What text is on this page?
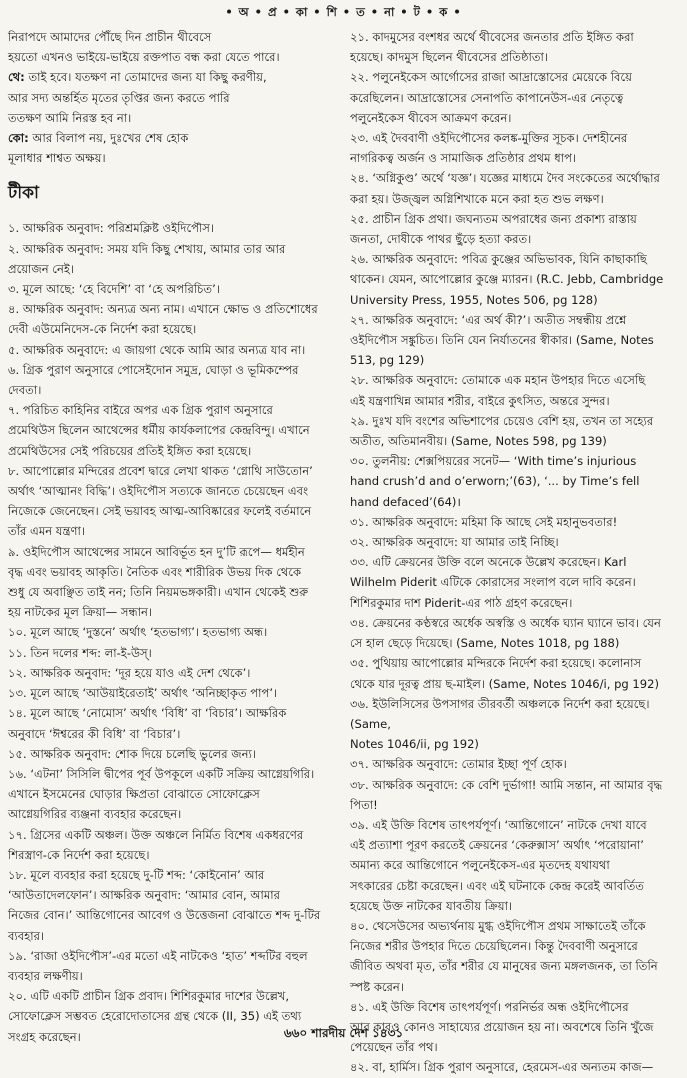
• অ • প্র • কা • শি • ত • না • ট • ক •

নিরাপদে আমাদের পৌঁছে দিন প্রাচীন থীবেসে

হয়তো এখনও ভাইয়ে-ভাইয়ে রক্তপাত বন্ধ করা যেতে পারে।

থে: তাই হবে। যতক্ষণ না তোমাদের জন্য যা কিছু করণীয়,

আর সদ্য অন্তর্হিত মৃতের তৃপ্তির জন্য করতে পারি

ততক্ষণ আমি নিরস্ত হব না।

কো: আর বিলাপ নয়, দুঃখের শেষ হোক

মূলাধার শাশ্বত অক্ষয়।

টীকা

১. আক্ষরিক অনুবাদ: পরিশ্রমক্লিষ্ট ওইদিপৌস।

২. আক্ষরিক অনুবাদ: সময় যদি কিছু শেখায়, আমার তার আর
প্রয়োজন নেই।

৩. মূলে আছে: ‘হে বিদেশি’ বা ‘হে অপরিচিত’।

৪. আক্ষরিক অনুবাদ: অন্যত্র অন্য নাম। এখানে ক্ষোভ ও প্রতিশোধের
দেবী এউমেনিদেস-কে নির্দেশ করা হয়েছে।

৫. আক্ষরিক অনুবাদে: এ জায়গা থেকে আমি আর অন্যত্র যাব না।

৬. গ্রিক পুরাণ অনুসারে পোসেইদোন সমুদ্র, ঘোড়া ও ভূমিকম্পের
দেবতা।

৭. পরিচিত কাহিনির বাইরে অপর এক গ্রিক পুরাণ অনুসারে
প্রমেথিউস ছিলেন আথেন্সের ধর্মীয় কার্যকলাপের কেন্দ্রবিন্দু। এখানে
প্রমেথিউসের সেই পরিচয়ের প্রতিই ইঙ্গিত করা হয়েছে।

৮. আপোল্লোর মন্দিরের প্রবেশ দ্বারে লেখা থাকত ‘গ্নোথি সাউতোন’
অর্থাৎ ‘আত্মানং বিদ্ধি’। ওইদিপৌস সত্যকে জানতে চেয়েছেন এবং
নিজেকে জেনেছেন। সেই ভয়াবহ আত্ম-আবিষ্কারের ফলেই বর্তমানে
তাঁর এমন যন্ত্রণা।

৯. ওইদিপৌস আথেন্সের সামনে আবির্ভূত হন দু’টি রূপে— ধর্মহীন
বৃদ্ধ এবং ভয়াবহ আকৃতি। নৈতিক এবং শারীরিক উভয় দিক থেকে
শুধু যে অবাঞ্ছিত তাই নন; তিনি নিয়মভঙ্গকারী। এখান থেকেই শুরু
হয় নাটকের মূল ক্রিয়া— সন্ধান।

১০. মূলে আছে ‘দুস্তনে’ অর্থাৎ ‘হতভাগ্য’। হতভাগ্য অন্ধ।

১১. তিন দলের শব্দ: লা-ই-উস্।

১২. আক্ষরিক অনুবাদ: ‘দূর হয়ে যাও এই দেশ থেকে’।

১৩. মূলে আছে ‘আউয়াইরেতাই’ অর্থাৎ ‘অনিচ্ছাকৃত পাপ’।

১৪. মূলে আছে ‘নোমোস’ অর্থাৎ ‘বিধি’ বা ‘বিচার’। আক্ষরিক
অনুবাদে ‘ঈশ্বরের কী বিধি’ বা ‘বিচার’।

১৫. আক্ষরিক অনুবাদ: শোক দিয়ে চলেছি ভুলের জন্য।

১৬. ‘এটনা’ সিসিলি দ্বীপের পূর্ব উপকূলে একটি সক্রিয় আগ্নেয়গিরি।
এখানে ইসমেনের ঘোড়ার ক্ষিপ্রতা বোঝাতে সোফোক্লেস
আগ্নেয়গিরির ব্যঞ্জনা ব্যবহার করেছেন।

১৭. গ্রিসের একটি অঞ্চল। উক্ত অঞ্চলে নির্মিত বিশেষ একধরণের
শিরস্ত্রাণ-কে নির্দেশ করা হয়েছে।

১৮. মূলে ব্যবহার করা হয়েছে দু-টি শব্দ: ‘কোইনোন’ আর
‘আউতাদেলফোন’। আক্ষরিক অনুবাদ: ‘আমার বোন, আমার
নিজের বোন।’ আন্তিগোনের আবেগ ও উত্তেজনা বোঝাতে শব্দ দু-টির
ব্যবহার।

১৯. ‘রাজা ওইদিপৌস’-এর মতো এই নাটকেও ‘হাত’ শব্দটির বহুল
ব্যবহার লক্ষণীয়।

২০. এটি একটি প্রাচীন গ্রিক প্রবাদ। শিশিরকুমার দাশের উল্লেখ,
সোফোক্লেস সম্ভবত হেরোদোতাসের গ্রন্থ থেকে (II, 35) এই তথ্য
সংগ্রহ করেছেন।

২১. কাদমুসের বংশধর অর্থে থীবেসের জনতার প্রতি ইঙ্গিত করা
হয়েছে। কাদমুস ছিলেন থীবেসের প্রতিষ্ঠাতা।

২২. পলুনেইকেস আর্গোসের রাজা আদ্রাস্তোসের মেয়েকে বিয়ে
করেছিলেন। আদ্রাস্তোসের সেনাপতি কাপানেউস-এর নেতৃত্বে
পলুনেইকেস থীবেস আক্রমণ করেন।

২৩. এই দৈববাণী ওইদিপৌসের কলঙ্ক-মুক্তির সূচক। দেশহীনের
নাগরিকত্ব অর্জন ও সামাজিক প্রতিষ্ঠার প্রথম ধাপ।

২৪. ‘অগ্নিকুণ্ড’ অর্থে ‘যজ্ঞ’। যজ্ঞের মাধ্যমে দৈব সংকেতের অর্থোদ্ধার
করা হয়। উজ্জ্বল অগ্নিশিখাকে মনে করা হত শুভ লক্ষণ।

২৫. প্রাচীন গ্রিক প্রথা। জঘন্যতম অপরাধের জন্য প্রকাশ্য রাস্তায়
জনতা, দোষীকে পাথর ছুঁড়ে হত্যা করত।

২৬. আক্ষরিক অনুবাদে: পবিত্র কুঞ্জের অভিভাবক, যিনি কাছাকাছি
থাকেন। যেমন, আপোল্লোর কুঞ্জে ম্যারন। (R.C. Jebb, Cambridge
University Press, 1955, Notes 506, pg 128)

২৭. আক্ষরিক অনুবাদে: ‘এর অর্থ কী?’। অতীত সম্বন্ধীয় প্রশ্নে
ওইদিপৌস সঙ্কুচিত। তিনি যেন নির্যাতনের স্বীকার। (Same, Notes
513, pg 129)

২৮. আক্ষরিক অনুবাদে: তোমাকে এক মহান উপহার দিতে এসেছি
এই যন্ত্রণাখিন্ন আমার শরীর, বাইরে কুৎসিত, অন্তরে সুন্দর।

২৯. দুঃখ যদি বংশের অভিশাপের চেয়েও বেশি হয়, তখন তা সহ্যের
অতীত, অতিমানবীয়। (Same, Notes 598, pg 139)

৩০. তুলনীয়: শেক্সপিয়রের সনেট— ‘With time’s injurious
hand crush’d and o’erworn;’(63), ‘... by Time’s fell
hand defaced’(64)।

৩১. আক্ষরিক অনুবাদে: মহিমা কি আছে সেই মহানুভবতার!

৩২. আক্ষরিক অনুবাদে: যা আমার তাই নিচ্ছি।

৩৩. এটি ক্রেয়নের উক্তি বলে অনেকে উল্লেখ করেছেন। Karl
Wilhelm Piderit এটিকে কোরাসের সংলাপ বলে দাবি করেন।
শিশিরকুমার দাশ Piderit-এর পাঠ গ্রহণ করেছেন।

৩৪. ক্রেয়নের কণ্ঠস্বরে অর্ধেক অস্বস্তি ও অর্ধেক ঘ্যান ঘ্যানে ভাব। যেন
সে হাল ছেড়ে দিয়েছে। (Same, Notes 1018, pg 188)

৩৫. পুথিয়ায় আপোল্লোর মন্দিরকে নির্দেশ করা হয়েছে। কলোনাস
থেকে যার দূরত্ব প্রায় ছ-মাইল। (Same, Notes 1046/i, pg 192)

৩৬. ইউলিসিসের উপসাগর তীরবর্তী অঞ্চলকে নির্দেশ করা হয়েছে। (Same,
Notes 1046/ii, pg 192)

৩৭. আক্ষরিক অনুবাদে: তোমার ইচ্ছা পূর্ণ হোক।

৩৮. আক্ষরিক অনুবাদে: কে বেশি দুর্ভাগা! আমি সন্তান, না আমার বৃদ্ধ
পিতা!

৩৯. এই উক্তি বিশেষ তাৎপর্যপূর্ণ। ‘আন্তিগোনে’ নাটকে দেখা যাবে
এই প্রত্যাশা পূরণ করতেই ক্রেয়নের ‘কেরুক্সাস’ অর্থাৎ ‘পরোয়ানা’
অমান্য করে আন্তিগোনে পলুনেইকেস-এর মৃতদেহ যথাযথা
সৎকারের চেষ্টা করেছেন। এবং এই ঘটনাকে কেন্দ্র করেই আবর্তিত
হয়েছে উক্ত নাটকের যাবতীয় ক্রিয়া।

৪০. থেসেউসের অভ্যর্থনায় মুগ্ধ ওইদিপৌস প্রথম সাক্ষাতেই তাঁকে
নিজের শরীর উপহার দিতে চেয়েছিলেন। কিন্তু দৈববাণী অনুসারে
জীবিত অথবা মৃত, তাঁর শরীর যে মানুষের জন্য মঙ্গলজনক, তা তিনি
স্পষ্ট করেন।

৪১. এই উক্তি বিশেষ তাৎপর্যপূর্ণ। পরনির্ভর অন্ধ ওইদিপৌসের
আর কারও কোনও সাহায্যের প্রয়োজন হয় না। অবশেষে তিনি খুঁজে
পেয়েছেন তাঁর পথ।

৪২. বা, হার্মিস। গ্রিক পুরাণ অনুসারে, হেরমেস-এর অন্যতম কাজ—

৬৬০ শারদীয় দেশ ১৪৩১
